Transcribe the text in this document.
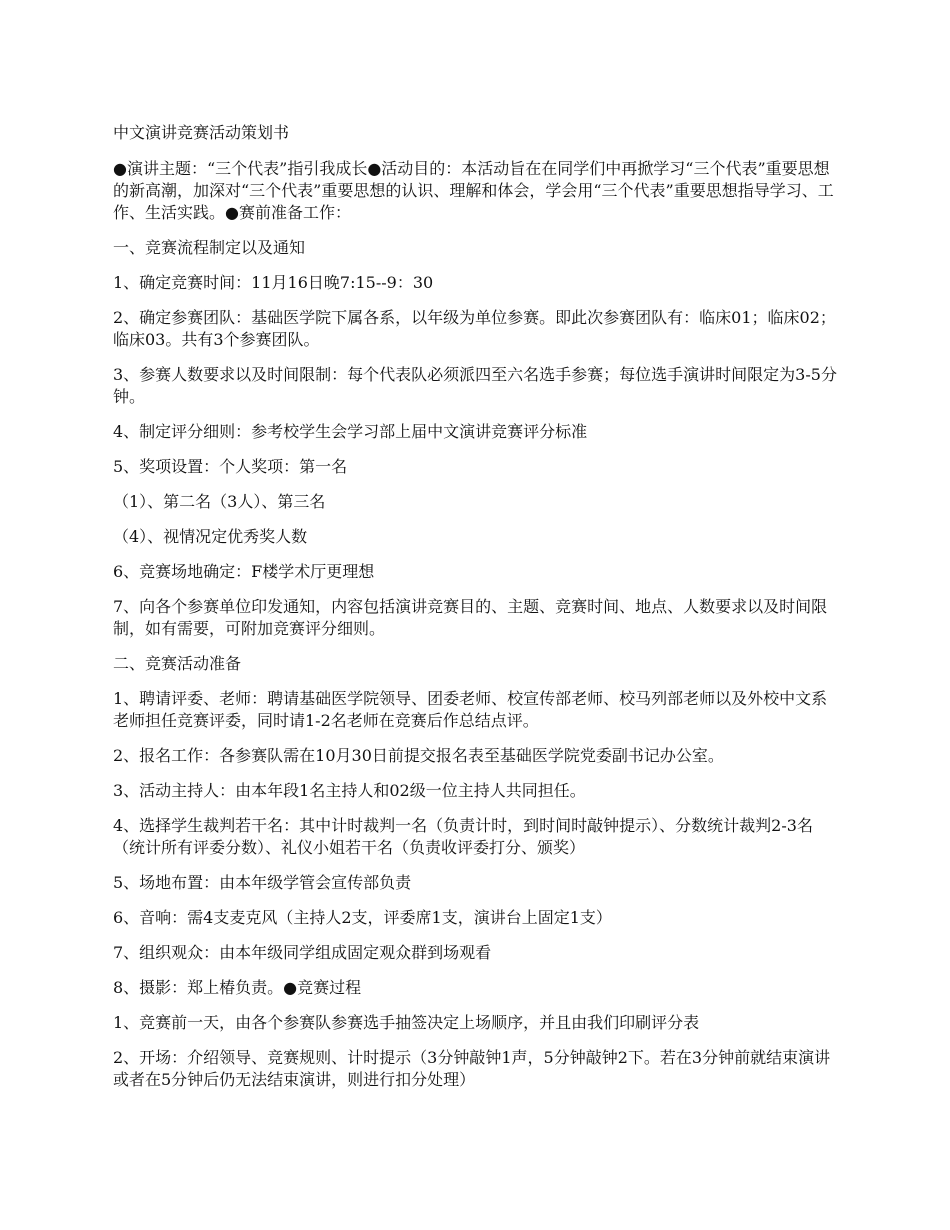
中文演讲竞赛活动策划书
●演讲主题：“三个代表”指引我成长●活动目的：本活动旨在在同学们中再掀学习“三个代表”重要思想的新高潮，加深对“三个代表”重要思想的认识、理解和体会，学会用“三个代表”重要思想指导学习、工作、生活实践。●赛前准备工作：
一、竞赛流程制定以及通知
1、确定竞赛时间：11月16日晚7:15--9：30
2、确定参赛团队：基础医学院下属各系，以年级为单位参赛。即此次参赛团队有：临床01；临床02；临床03。共有3个参赛团队。
3、参赛人数要求以及时间限制：每个代表队必须派四至六名选手参赛；每位选手演讲时间限定为3-5分钟。
4、制定评分细则：参考校学生会学习部上届中文演讲竞赛评分标准
5、奖项设置：个人奖项：第一名
（1）、第二名（3人）、第三名
（4）、视情况定优秀奖人数
6、竞赛场地确定：F楼学术厅更理想
7、向各个参赛单位印发通知，内容包括演讲竞赛目的、主题、竞赛时间、地点、人数要求以及时间限制，如有需要，可附加竞赛评分细则。
二、竞赛活动准备
1、聘请评委、老师：聘请基础医学院领导、团委老师、校宣传部老师、校马列部老师以及外校中文系老师担任竞赛评委，同时请1-2名老师在竞赛后作总结点评。
2、报名工作：各参赛队需在10月30日前提交报名表至基础医学院党委副书记办公室。
3、活动主持人：由本年段1名主持人和02级一位主持人共同担任。
4、选择学生裁判若干名：其中计时裁判一名（负责计时，到时间时敲钟提示）、分数统计裁判2-3名（统计所有评委分数）、礼仪小姐若干名（负责收评委打分、颁奖）
5、场地布置：由本年级学管会宣传部负责
6、音响：需4支麦克风（主持人2支，评委席1支，演讲台上固定1支）
7、组织观众：由本年级同学组成固定观众群到场观看
8、摄影：郑上椿负责。●竞赛过程
1、竞赛前一天，由各个参赛队参赛选手抽签决定上场顺序，并且由我们印刷评分表
2、开场：介绍领导、竞赛规则、计时提示（3分钟敲钟1声，5分钟敲钟2下。若在3分钟前就结束演讲或者在5分钟后仍无法结束演讲，则进行扣分处理）
